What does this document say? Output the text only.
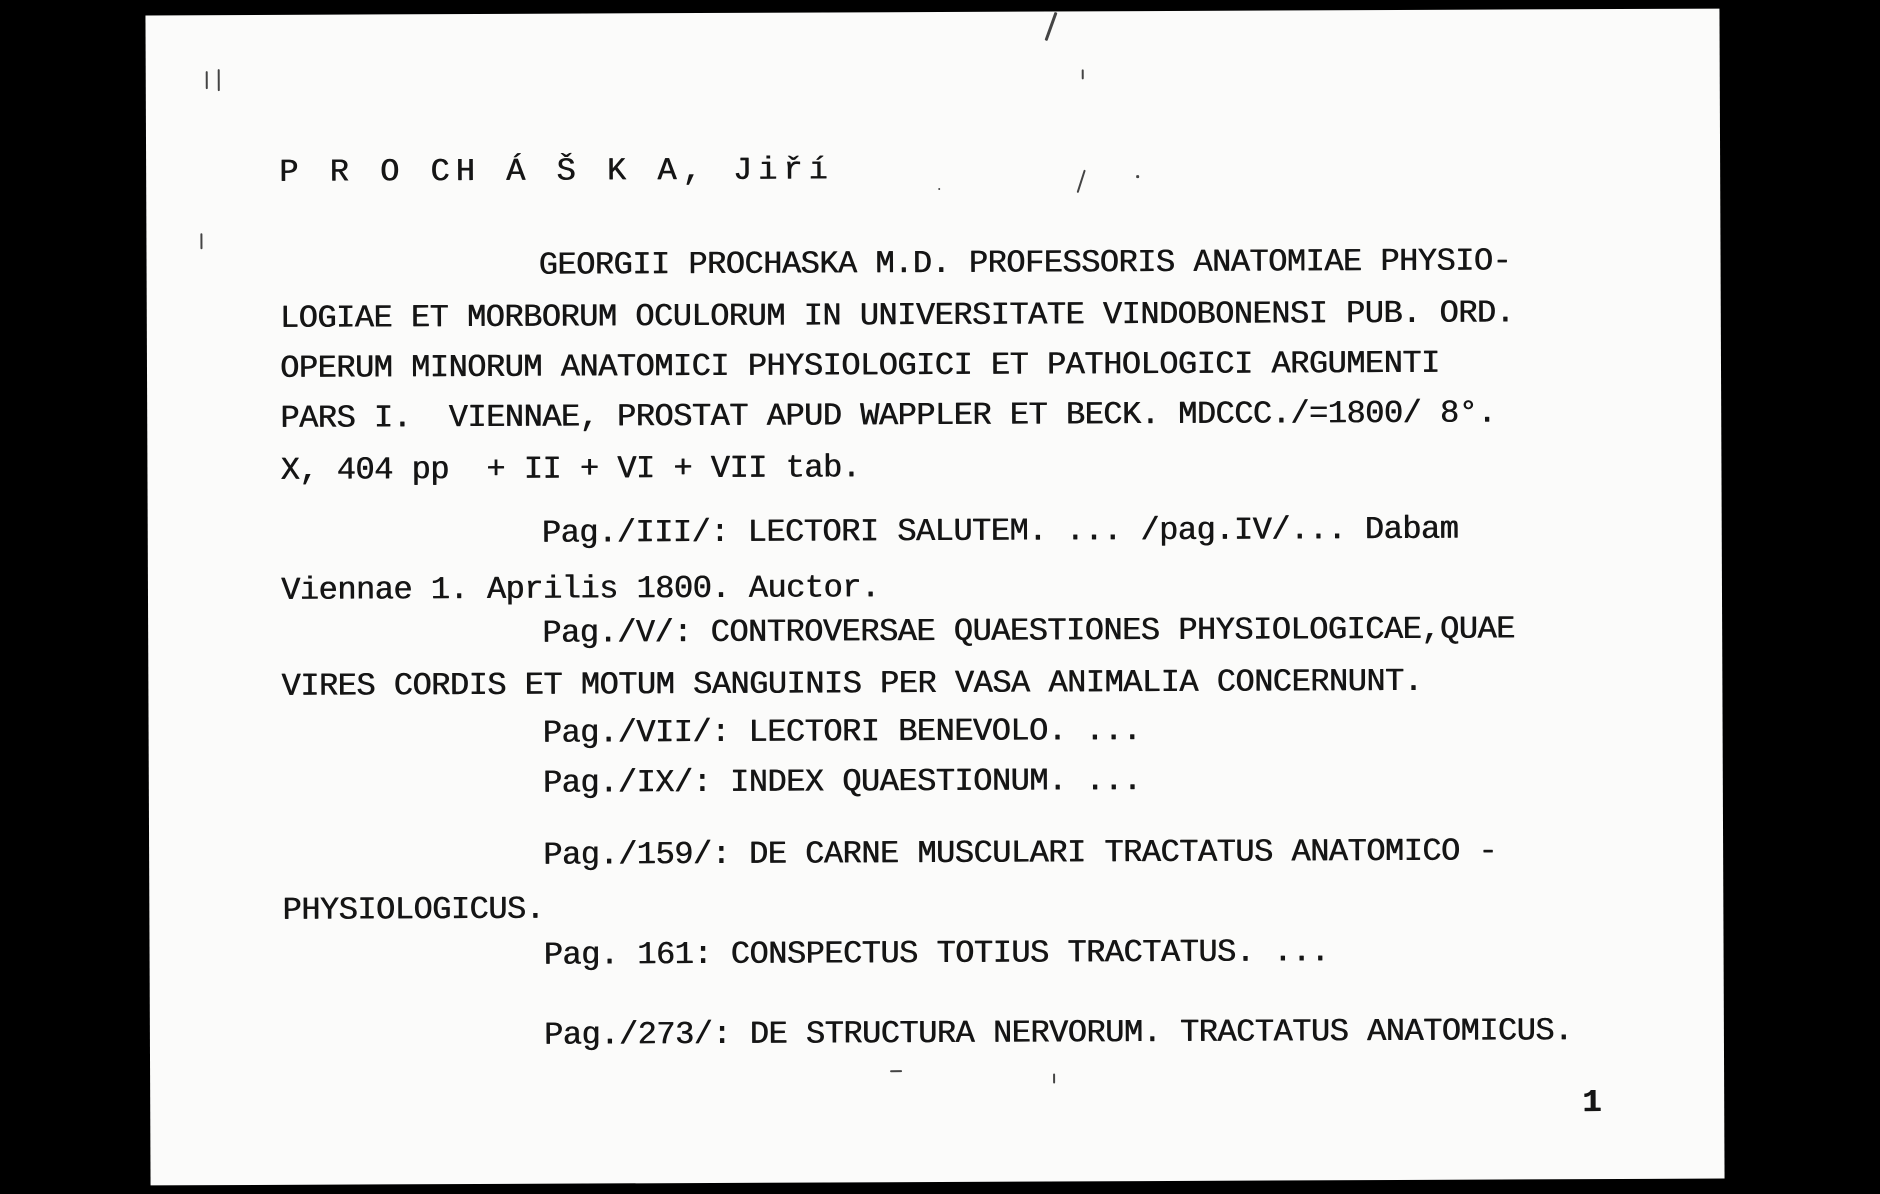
P R O CH Á Š K A, Jiří
GEORGII PROCHASKA M.D. PROFESSORIS ANATOMIAE PHYSIO-
LOGIAE ET MORBORUM OCULORUM IN UNIVERSITATE VINDOBONENSI PUB. ORD.
OPERUM MINORUM ANATOMICI PHYSIOLOGICI ET PATHOLOGICI ARGUMENTI
PARS I.  VIENNAE, PROSTAT APUD WAPPLER ET BECK. MDCCC./=1800/ 8°.
X, 404 pp  + II + VI + VII tab.
Pag./III/: LECTORI SALUTEM. ... /pag.IV/... Dabam
Viennae 1. Aprilis 1800. Auctor.
Pag./V/: CONTROVERSAE QUAESTIONES PHYSIOLOGICAE,QUAE
VIRES CORDIS ET MOTUM SANGUINIS PER VASA ANIMALIA CONCERNUNT.
Pag./VII/: LECTORI BENEVOLO. ...
Pag./IX/: INDEX QUAESTIONUM. ...
Pag./159/: DE CARNE MUSCULARI TRACTATUS ANATOMICO -
PHYSIOLOGICUS.
Pag. 161: CONSPECTUS TOTIUS TRACTATUS. ...
Pag./273/: DE STRUCTURA NERVORUM. TRACTATUS ANATOMICUS.
1
